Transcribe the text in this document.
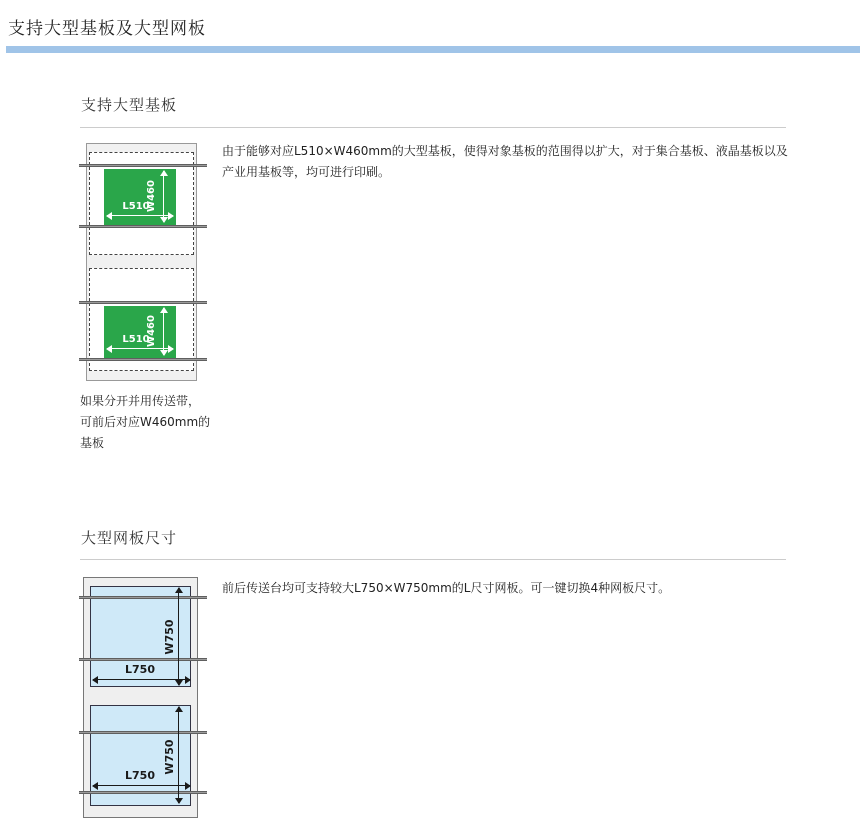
支持大型基板及大型网板
支持大型基板

由于能够对应L510×W460mm的大型基板，使得对象基板的范围得以扩大，对于集合基板、液晶基板以及产业用基板等，均可进行印刷。

W460
L510
W460
L510
如果分开并用传送带，
可前后对应W460mm的
基板
大型网板尺寸

前后传送台均可支持较大L750×W750mm的L尺寸网板。可一键切换4种网板尺寸。

W750
L750
W750
L750
